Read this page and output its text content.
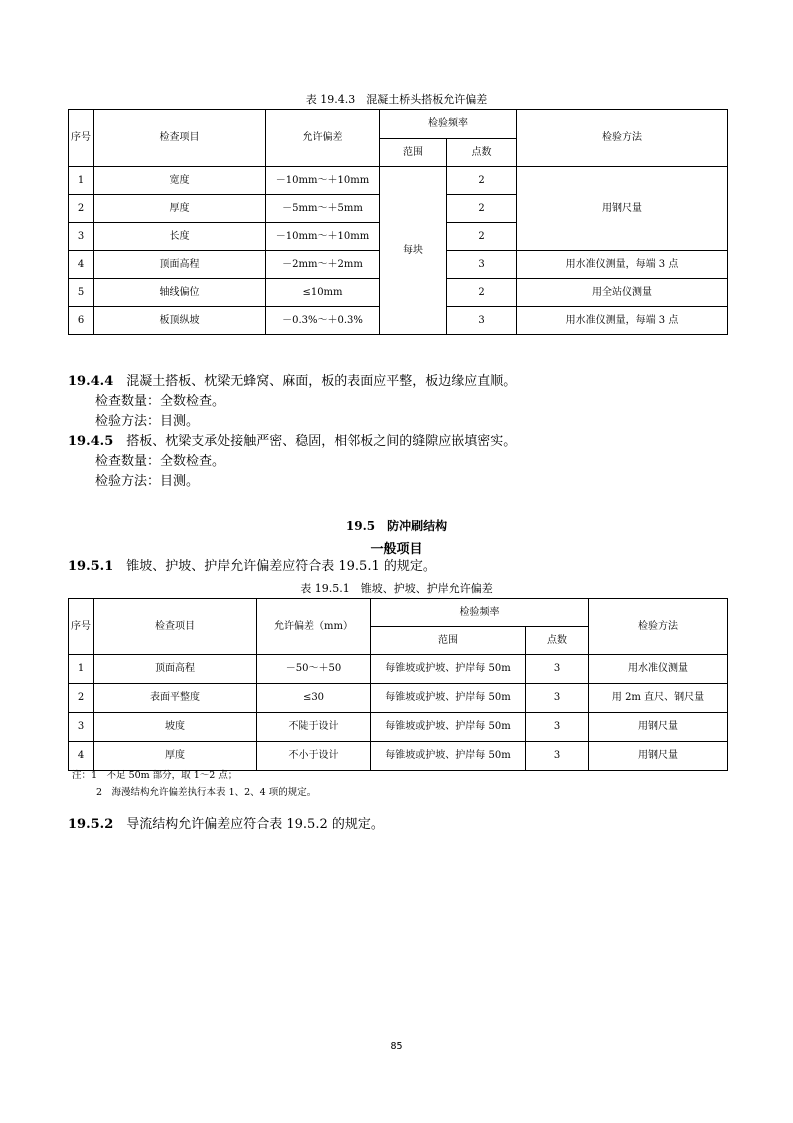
表 19.4.3　混凝土桥头搭板允许偏差
序号	检查项目	允许偏差	检验频率		检验方法
			范围	点数	
1	宽度	－10mm～＋10mm	每块	2	用钢尺量
2	厚度	－5mm～＋5mm		2	
3	长度	－10mm～＋10mm		2	
4	顶面高程	－2mm～＋2mm		3	用水准仪测量，每端 3 点
5	轴线偏位	≤10mm		2	用全站仪测量
6	板顶纵坡	－0.3%～＋0.3%		3	用水准仪测量，每端 3 点
19.4.4　 混凝土搭板、枕梁无蜂窝、麻面，板的表面应平整，板边缘应直顺。
检查数量：全数检查。
检验方法：目测。
19.4.5　 搭板、枕梁支承处接触严密、稳固，相邻板之间的缝隙应嵌填密实。
检查数量：全数检查。
检验方法：目测。
19.5　防冲刷结构
一般项目
19.5.1　 锥坡、护坡、护岸允许偏差应符合表 19.5.1 的规定。
表 19.5.1　锥坡、护坡、护岸允许偏差
序号	检查项目	允许偏差（mm）	检验频率		检验方法
			范围	点数	
1	顶面高程	－50～＋50	每锥坡或护坡、护岸每 50m	3	用水准仪测量
2	表面平整度	≤30	每锥坡或护坡、护岸每 50m	3	用 2m 直尺、钢尺量
3	坡度	不陡于设计	每锥坡或护坡、护岸每 50m	3	用钢尺量
4	厚度	不小于设计	每锥坡或护坡、护岸每 50m	3	用钢尺量
注：1　不足 50m 部分，取 1～2 点；
2　海漫结构允许偏差执行本表 1、2、4 项的规定。
19.5.2　 导流结构允许偏差应符合表 19.5.2 的规定。
85
